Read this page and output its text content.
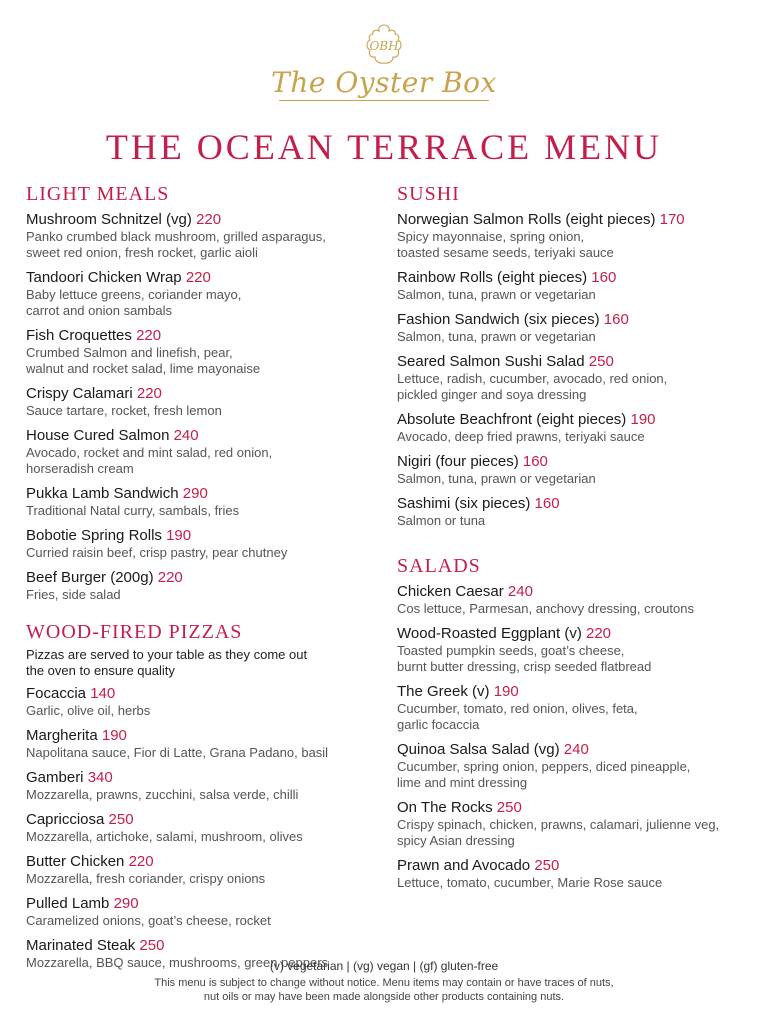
OBH
The Oyster Box
THE OCEAN TERRACE MENU
LIGHT MEALS
Mushroom Schnitzel (vg) 220
Panko crumbed black mushroom, grilled asparagus,
sweet red onion, fresh rocket, garlic aioli
Tandoori Chicken Wrap 220
Baby lettuce greens, coriander mayo,
carrot and onion sambals
Fish Croquettes 220
Crumbed Salmon and linefish, pear,
walnut and rocket salad, lime mayonaise
Crispy Calamari 220
Sauce tartare, rocket, fresh lemon
House Cured Salmon 240
Avocado, rocket and mint salad, red onion,
horseradish cream
Pukka Lamb Sandwich 290
Traditional Natal curry, sambals, fries
Bobotie Spring Rolls 190
Curried raisin beef, crisp pastry, pear chutney
Beef Burger (200g) 220
Fries, side salad
WOOD-FIRED PIZZAS
Pizzas are served to your table as they come out
the oven to ensure quality
Focaccia 140
Garlic, olive oil, herbs
Margherita 190
Napolitana sauce, Fior di Latte, Grana Padano, basil
Gamberi 340
Mozzarella, prawns, zucchini, salsa verde, chilli
Capricciosa 250
Mozzarella, artichoke, salami, mushroom, olives
Butter Chicken 220
Mozzarella, fresh coriander, crispy onions
Pulled Lamb 290
Caramelized onions, goat’s cheese, rocket
Marinated Steak 250
Mozzarella, BBQ sauce, mushrooms, green peppers
SUSHI
Norwegian Salmon Rolls (eight pieces) 170
Spicy mayonnaise, spring onion,
toasted sesame seeds, teriyaki sauce
Rainbow Rolls (eight pieces) 160
Salmon, tuna, prawn or vegetarian
Fashion Sandwich (six pieces) 160
Salmon, tuna, prawn or vegetarian
Seared Salmon Sushi Salad 250
Lettuce, radish, cucumber, avocado, red onion,
pickled ginger and soya dressing
Absolute Beachfront (eight pieces) 190
Avocado, deep fried prawns, teriyaki sauce
Nigiri (four pieces) 160
Salmon, tuna, prawn or vegetarian
Sashimi (six pieces) 160
Salmon or tuna
SALADS
Chicken Caesar 240
Cos lettuce, Parmesan, anchovy dressing, croutons
Wood-Roasted Eggplant (v) 220
Toasted pumpkin seeds, goat’s cheese,
burnt butter dressing, crisp seeded flatbread
The Greek (v) 190
Cucumber, tomato, red onion, olives, feta,
garlic focaccia
Quinoa Salsa Salad (vg) 240
Cucumber, spring onion, peppers, diced pineapple,
lime and mint dressing
On The Rocks 250
Crispy spinach, chicken, prawns, calamari, julienne veg,
spicy Asian dressing
Prawn and Avocado 250
Lettuce, tomato, cucumber, Marie Rose sauce
(v) vegetarian | (vg) vegan | (gf) gluten-free
This menu is subject to change without notice. Menu items may contain or have traces of nuts,
nut oils or may have been made alongside other products containing nuts.
